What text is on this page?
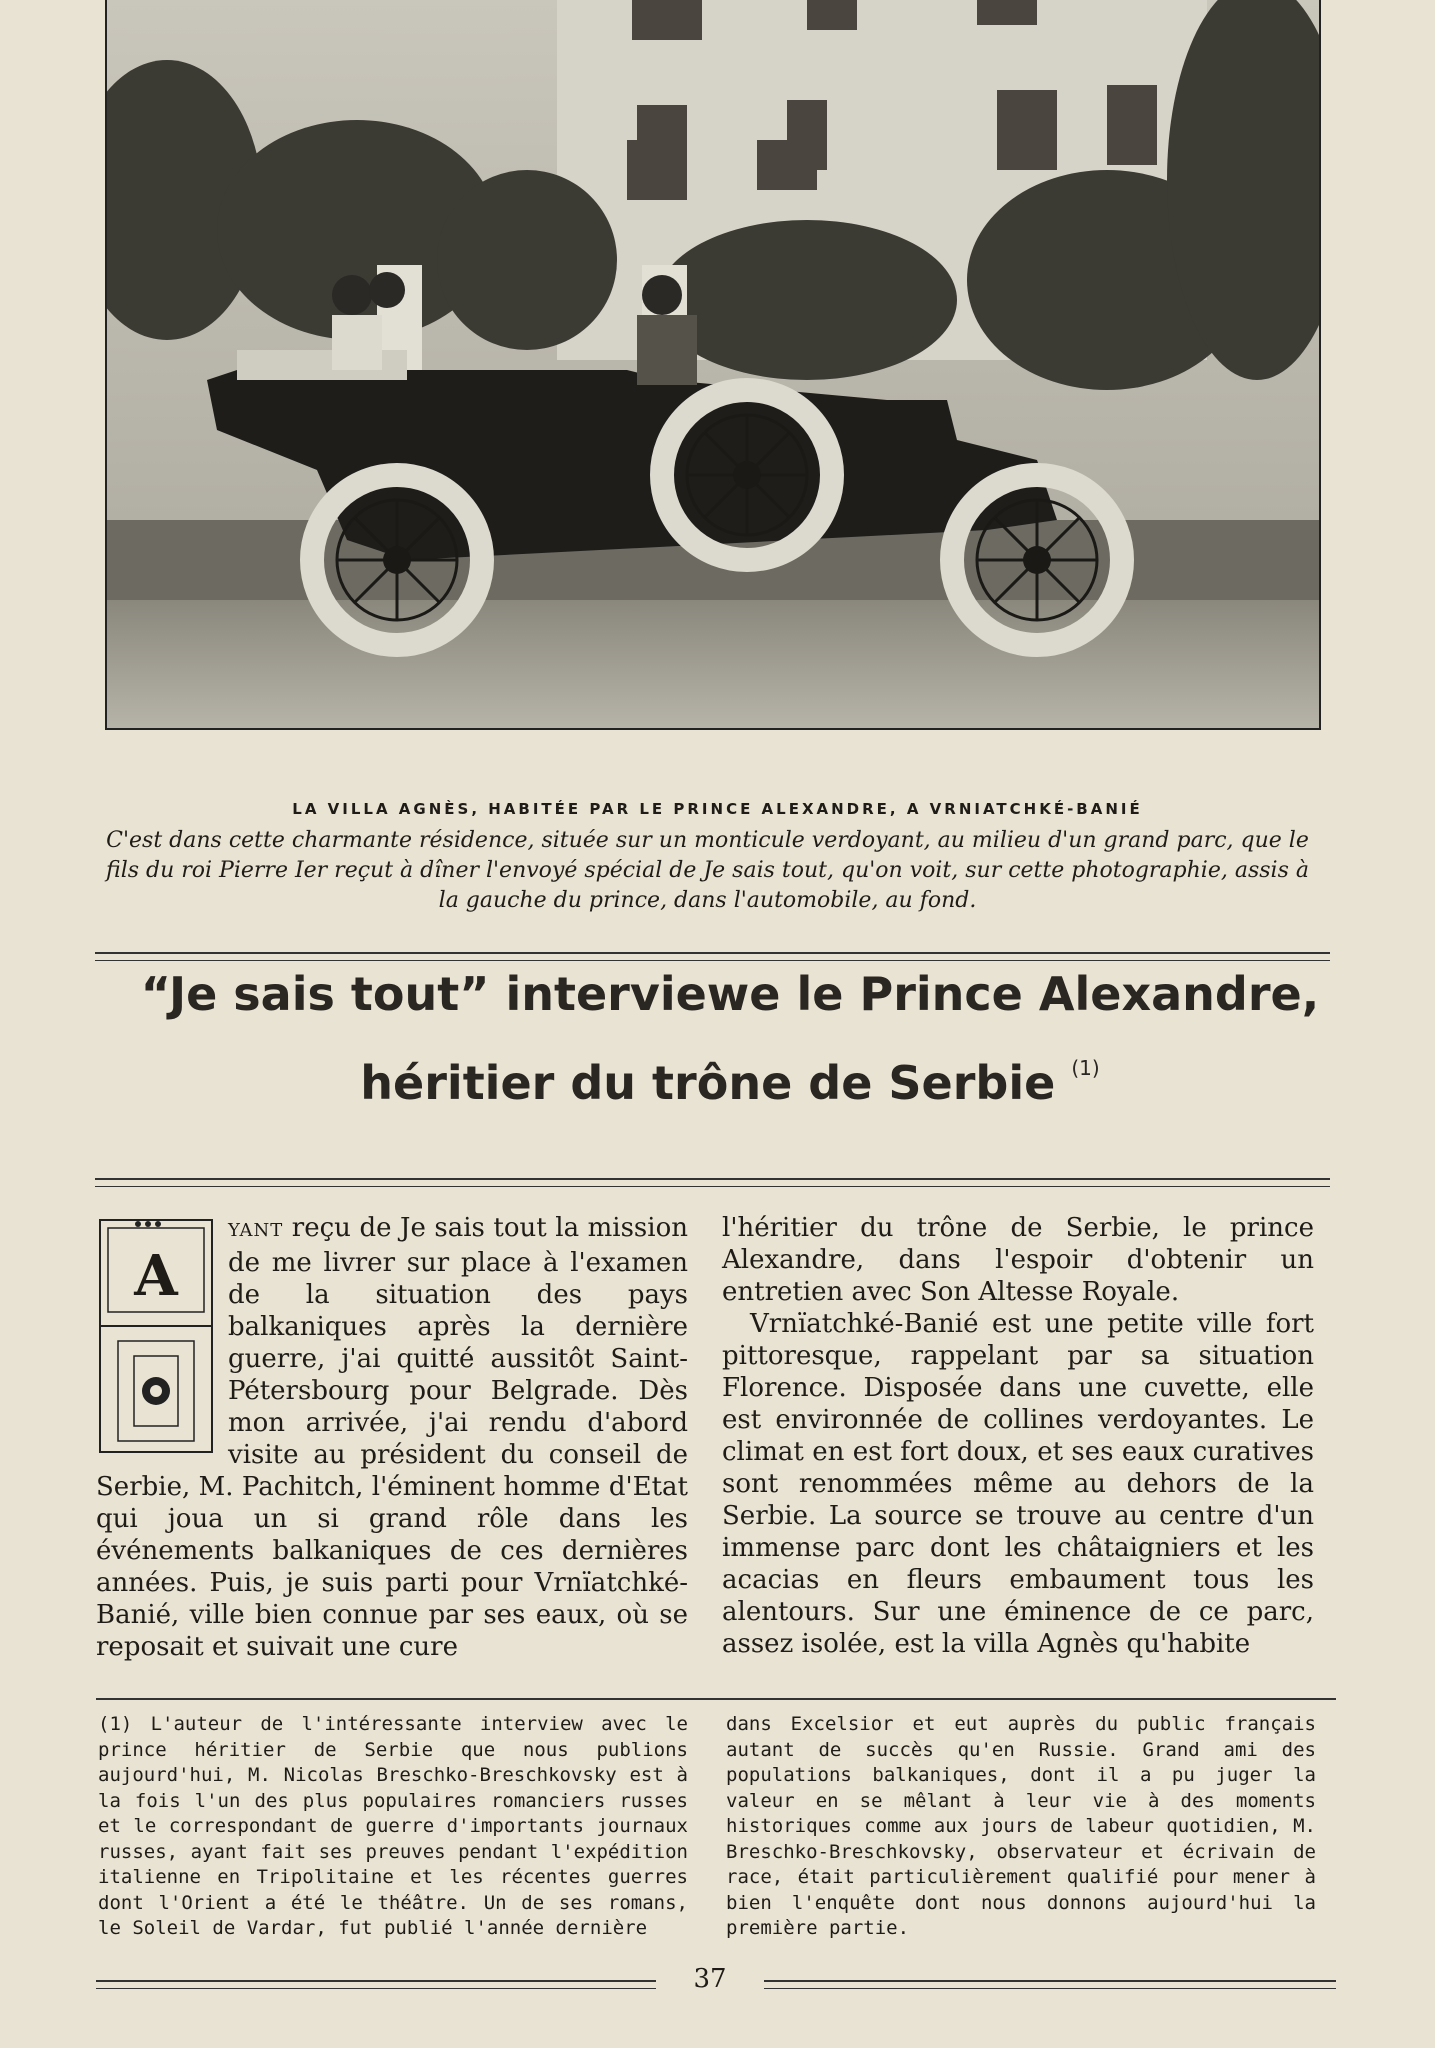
LA VILLA AGNÈS, HABITÉE PAR LE PRINCE ALEXANDRE, A VRNIATCHKÉ-BANIÉ
C'est dans cette charmante résidence, située sur un monticule verdoyant, au milieu d'un grand parc, que le fils du roi Pierre Ier reçut à dîner l'envoyé spécial de Je sais tout, qu'on voit, sur cette photographie, assis à la gauche du prince, dans l'automobile, au fond.
“Je sais tout” interviewe le Prince Alexandre,
héritier du trône de Serbie $^{(1)}$
A

YANT reçu de Je sais tout la mission de me livrer sur place à l'examen de la situation des pays balkaniques après la dernière guerre, j'ai quitté aussitôt Saint-Pétersbourg pour Belgrade. Dès mon arrivée, j'ai rendu d'abord visite au président du conseil de Serbie, M. Pachitch, l'éminent homme d'Etat qui joua un si grand rôle dans les événements balkaniques de ces dernières années. Puis, je suis parti pour Vrnïatchké-Banié, ville bien connue par ses eaux, où se reposait et suivait une cure

l'héritier du trône de Serbie, le prince Alexandre, dans l'espoir d'obtenir un entretien avec Son Altesse Royale.

Vrnïatchké-Banié est une petite ville fort pittoresque, rappelant par sa situation Florence. Disposée dans une cuvette, elle est environnée de collines verdoyantes. Le climat en est fort doux, et ses eaux curatives sont renommées même au dehors de la Serbie. La source se trouve au centre d'un immense parc dont les châtaigniers et les acacias en fleurs embaument tous les alentours. Sur une éminence de ce parc, assez isolée, est la villa Agnès qu'habite

(1) L'auteur de l'intéressante interview avec le prince héritier de Serbie que nous publions aujourd'hui, M. Nicolas Breschko-Breschkovsky est à la fois l'un des plus populaires romanciers russes et le correspondant de guerre d'importants journaux russes, ayant fait ses preuves pendant l'expédition italienne en Tripolitaine et les récentes guerres dont l'Orient a été le théâtre. Un de ses romans, le Soleil de Vardar, fut publié l'année dernière

dans Excelsior et eut auprès du public français autant de succès qu'en Russie. Grand ami des populations balkaniques, dont il a pu juger la valeur en se mêlant à leur vie à des moments historiques comme aux jours de labeur quotidien, M. Breschko-Breschkovsky, observateur et écrivain de race, était particulièrement qualifié pour mener à bien l'enquête dont nous donnons aujourd'hui la première partie.

37
